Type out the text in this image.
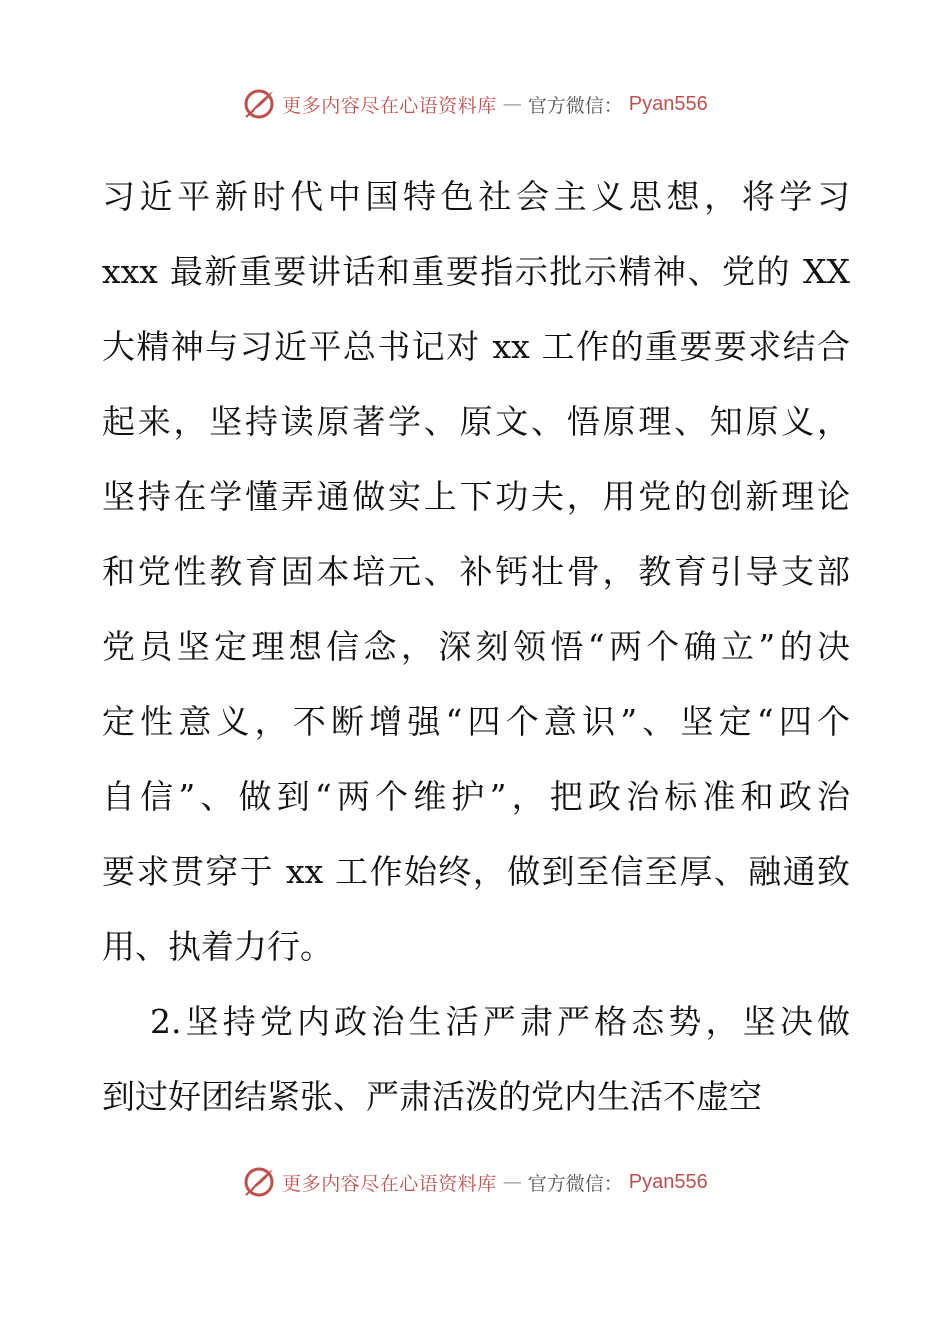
更多内容尽在心语资料库 — 官方微信： Pyan556
习近平新时代中国特色社会主义思想，将学习
xxx 最新重要讲话和重要指示批示精神、党的 XX
大精神与习近平总书记对 xx 工作的重要要求结合
起来，坚持读原著学、原文、悟原理、知原义，
坚持在学懂弄通做实上下功夫，用党的创新理论
和党性教育固本培元、补钙壮骨，教育引导支部
党员坚定理想信念，深刻领悟“两个确立”的决
定性意义，不断增强“四个意识”、坚定“四个
自信”、做到“两个维护”，把政治标准和政治
要求贯穿于 xx 工作始终，做到至信至厚、融通致
用、执着力行。
2.坚持党内政治生活严肃严格态势，坚决做
到过好团结紧张、严肃活泼的党内生活不虚空
更多内容尽在心语资料库 — 官方微信： Pyan556
